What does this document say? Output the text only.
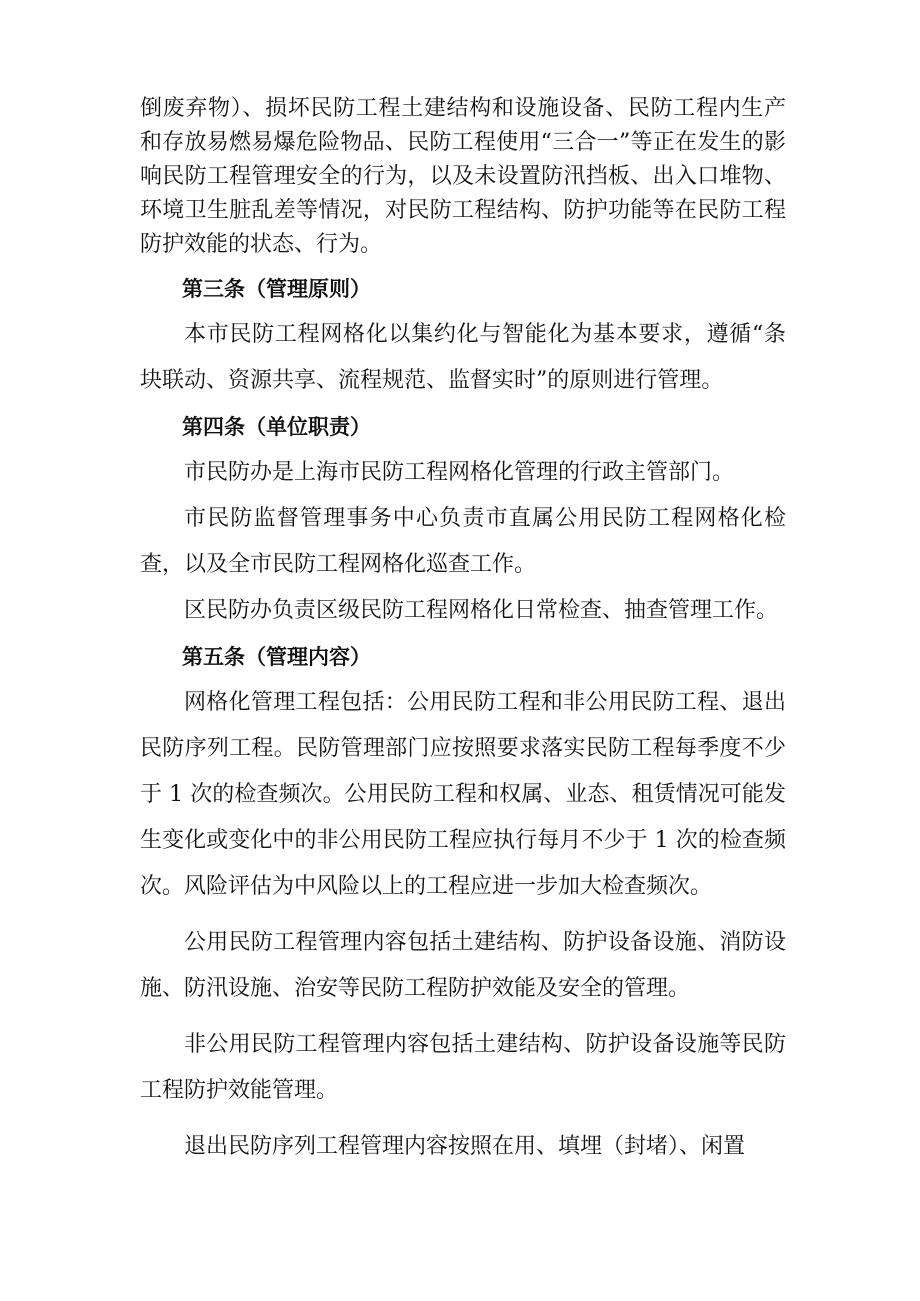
倒废弃物）、损坏民防工程土建结构和设施设备、民防工程内生产和存放易燃易爆危险物品、民防工程使用“三合一”等正在发生的影响民防工程管理安全的行为，以及未设置防汛挡板、出入口堆物、环境卫生脏乱差等情况，对民防工程结构、防护功能等在民防工程防护效能的状态、行为。

第三条（管理原则）

本市民防工程网格化以集约化与智能化为基本要求，遵循“条块联动、资源共享、流程规范、监督实时”的原则进行管理。

第四条（单位职责）

市民防办是上海市民防工程网格化管理的行政主管部门。

市民防监督管理事务中心负责市直属公用民防工程网格化检查，以及全市民防工程网格化巡查工作。

区民防办负责区级民防工程网格化日常检查、抽查管理工作。

第五条（管理内容）

网格化管理工程包括：公用民防工程和非公用民防工程、退出民防序列工程。民防管理部门应按照要求落实民防工程每季度不少于 1 次的检查频次。公用民防工程和权属、业态、租赁情况可能发生变化或变化中的非公用民防工程应执行每月不少于 1 次的检查频次。风险评估为中风险以上的工程应进一步加大检查频次。

公用民防工程管理内容包括土建结构、防护设备设施、消防设施、防汛设施、治安等民防工程防护效能及安全的管理。

非公用民防工程管理内容包括土建结构、防护设备设施等民防工程防护效能管理。

退出民防序列工程管理内容按照在用、填埋（封堵）、闲置
